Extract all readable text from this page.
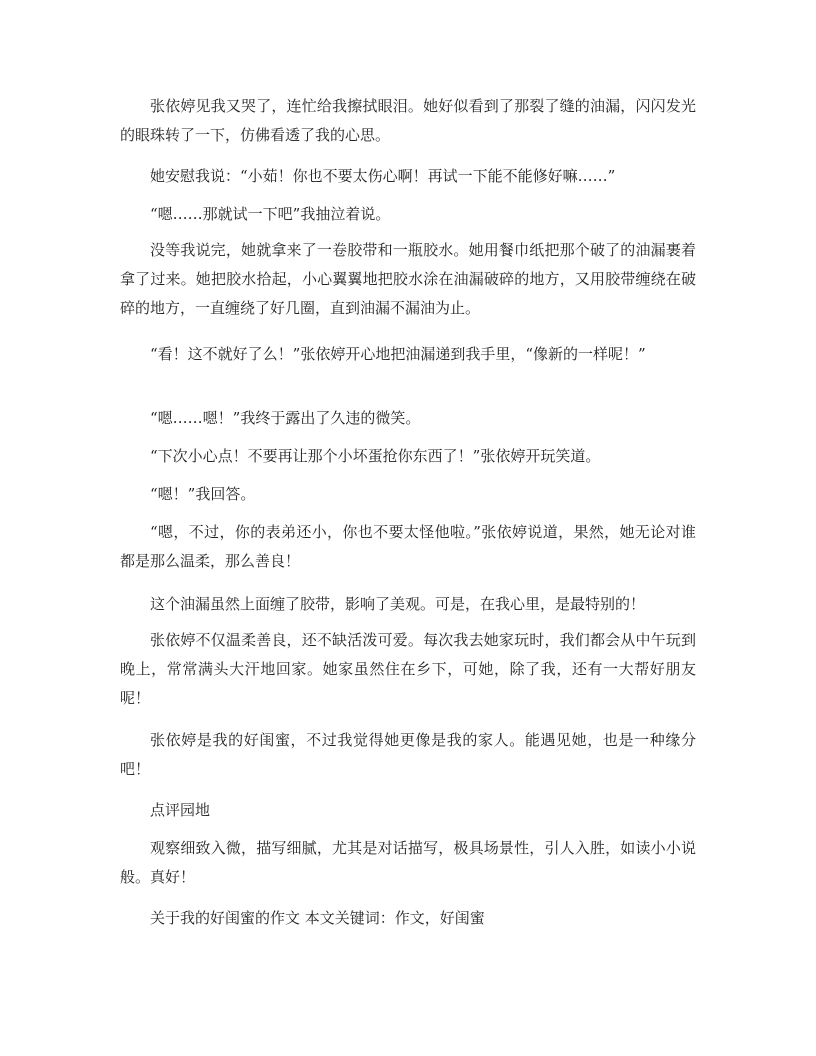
张依婷见我又哭了，连忙给我擦拭眼泪。她好似看到了那裂了缝的油漏，闪闪发光的眼珠转了一下，仿佛看透了我的心思。

她安慰我说：“小茹！你也不要太伤心啊！再试一下能不能修好嘛……”

“嗯……那就试一下吧”我抽泣着说。

没等我说完，她就拿来了一卷胶带和一瓶胶水。她用餐巾纸把那个破了的油漏裹着拿了过来。她把胶水拾起，小心翼翼地把胶水涂在油漏破碎的地方，又用胶带缠绕在破碎的地方，一直缠绕了好几圈，直到油漏不漏油为止。

“看！这不就好了么！”张依婷开心地把油漏递到我手里，“像新的一样呢！”

“嗯……嗯！”我终于露出了久违的微笑。

“下次小心点！不要再让那个小坏蛋抢你东西了！”张依婷开玩笑道。

“嗯！”我回答。

“嗯，不过，你的表弟还小，你也不要太怪他啦。”张依婷说道，果然，她无论对谁都是那么温柔，那么善良！

这个油漏虽然上面缠了胶带，影响了美观。可是，在我心里，是最特别的！

张依婷不仅温柔善良，还不缺活泼可爱。每次我去她家玩时，我们都会从中午玩到晚上，常常满头大汗地回家。她家虽然住在乡下，可她，除了我，还有一大帮好朋友呢！

张依婷是我的好闺蜜，不过我觉得她更像是我的家人。能遇见她，也是一种缘分吧！

点评园地

观察细致入微，描写细腻，尤其是对话描写，极具场景性，引人入胜，如读小小说般。真好！

关于我的好闺蜜的作文 本文关键词：作文，好闺蜜
